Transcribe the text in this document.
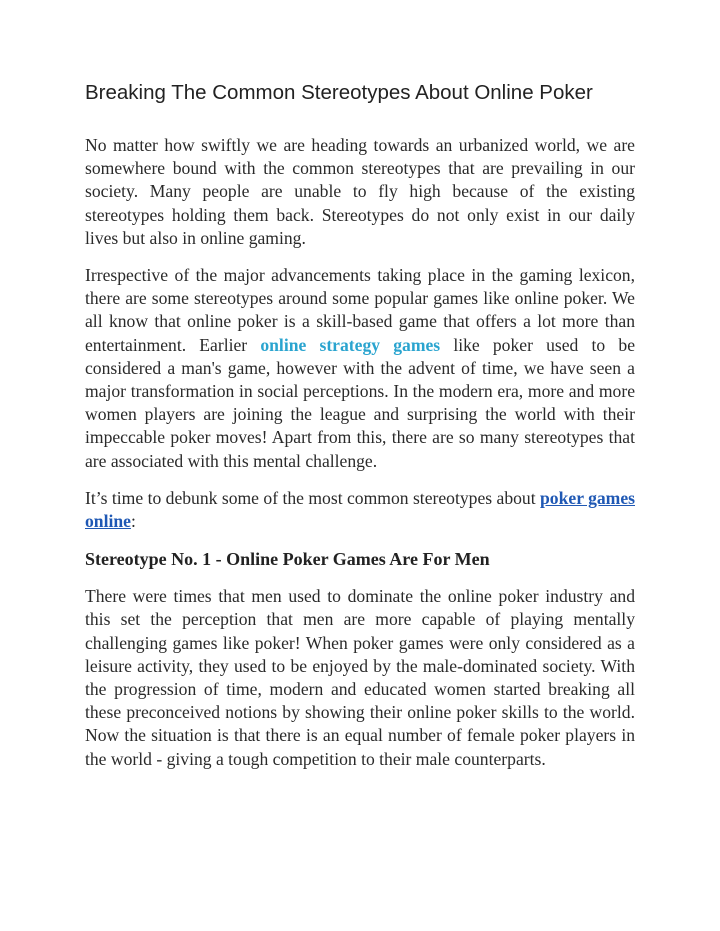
Breaking The Common Stereotypes About Online Poker

No matter how swiftly we are heading towards an urbanized world, we are somewhere bound with the common stereotypes that are prevailing in our society. Many people are unable to fly high because of the existing stereotypes holding them back. Stereotypes do not only exist in our daily lives but also in online gaming.

Irrespective of the major advancements taking place in the gaming lexicon, there are some stereotypes around some popular games like online poker. We all know that online poker is a skill-based game that offers a lot more than entertainment. Earlier online strategy games like poker used to be considered a man's game, however with the advent of time, we have seen a major transformation in social perceptions. In the modern era, more and more women players are joining the league and surprising the world with their impeccable poker moves! Apart from this, there are so many stereotypes that are associated with this mental challenge.

It’s time to debunk some of the most common stereotypes about poker games online:

Stereotype No. 1 - Online Poker Games Are For Men

There were times that men used to dominate the online poker industry and this set the perception that men are more capable of playing mentally challenging games like poker! When poker games were only considered as a leisure activity, they used to be enjoyed by the male-dominated society. With the progression of time, modern and educated women started breaking all these preconceived notions by showing their online poker skills to the world. Now the situation is that there is an equal number of female poker players in the world - giving a tough competition to their male counterparts.
